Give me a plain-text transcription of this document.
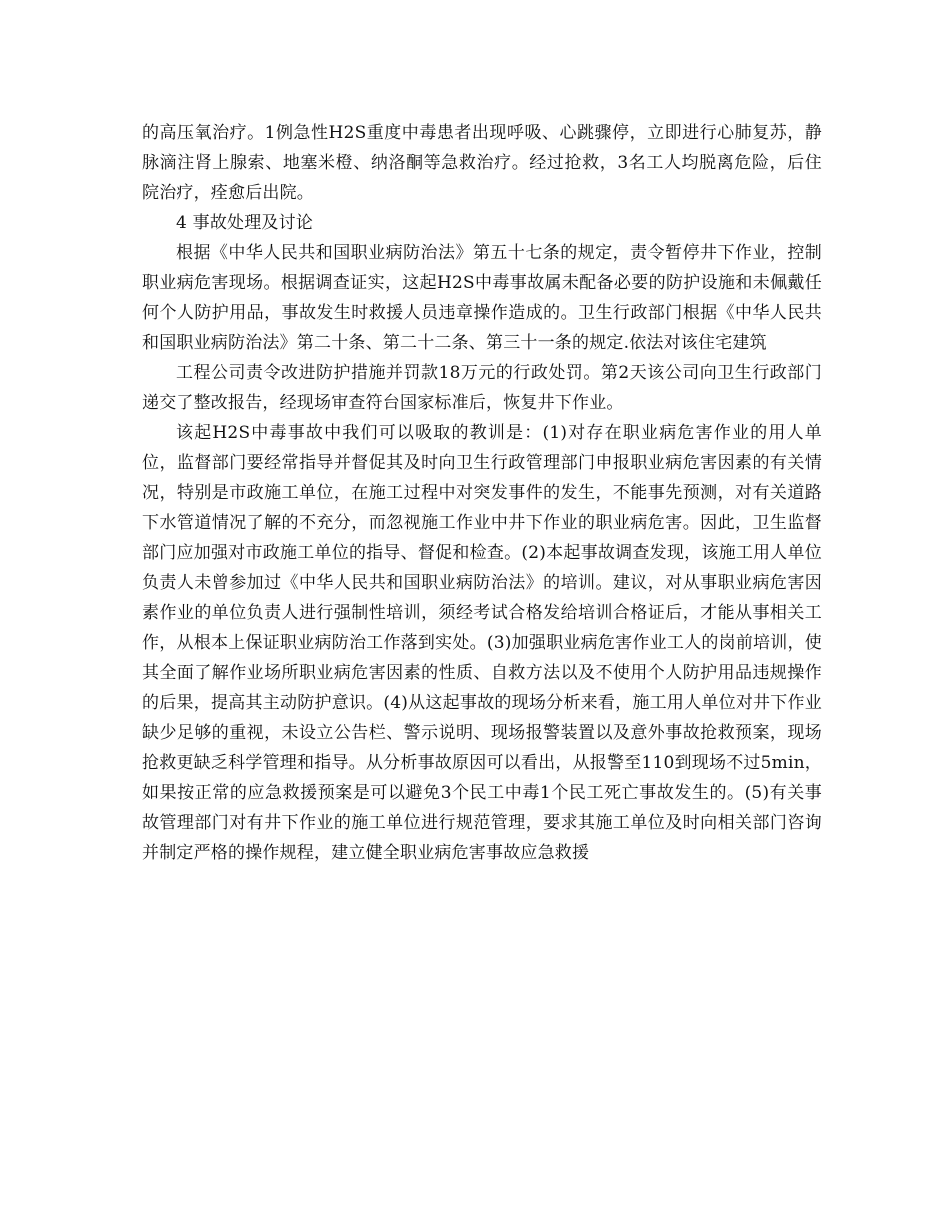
的高压氧治疗。1例急性H2S重度中毒患者出现呼吸、心跳骤停，立即进行心肺复苏，静脉滴注肾上腺索、地塞米橙、纳洛酮等急救治疗。经过抢救，3名工人均脱离危险，后住院治疗，痊愈后出院。

4 事故处理及讨论

根据《中华人民共和国职业病防治法》第五十七条的规定，责令暂停井下作业，控制职业病危害现场。根据调查证实，这起H2S中毒事故属未配备必要的防护设施和未佩戴任何个人防护用品，事故发生时救援人员违章操作造成的。卫生行政部门根据《中华人民共和国职业病防治法》第二十条、第二十二条、第三十一条的规定.依法对该住宅建筑

工程公司责令改进防护措施并罚款18万元的行政处罚。第2天该公司向卫生行政部门递交了整改报告，经现场审查符台国家标准后，恢复井下作业。

该起H2S中毒事故中我们可以吸取的教训是：(1)对存在职业病危害作业的用人单位，监督部门要经常指导并督促其及时向卫生行政管理部门申报职业病危害因素的有关情况，特别是市政施工单位，在施工过程中对突发事件的发生，不能事先预测，对有关道路下水管道情况了解的不充分，而忽视施工作业中井下作业的职业病危害。因此，卫生监督部门应加强对市政施工单位的指导、督促和检查。(2)本起事故调查发现，该施工用人单位负责人未曾参加过《中华人民共和国职业病防治法》的培训。建议，对从事职业病危害因素作业的单位负责人进行强制性培训，须经考试合格发给培训合格证后，才能从事相关工作，从根本上保证职业病防治工作落到实处。(3)加强职业病危害作业工人的岗前培训，使其全面了解作业场所职业病危害因素的性质、自救方法以及不使用个人防护用品违规操作的后果，提高其主动防护意识。(4)从这起事故的现场分析来看，施工用人单位对井下作业缺少足够的重视，未设立公告栏、警示说明、现场报警装置以及意外事故抢救预案，现场抢救更缺乏科学管理和指导。从分析事故原因可以看出，从报警至110到现场不过5min，如果按正常的应急救援预案是可以避免3个民工中毒1个民工死亡事故发生的。(5)有关事故管理部门对有井下作业的施工单位进行规范管理，要求其施工单位及时向相关部门咨询并制定严格的操作规程，建立健全职业病危害事故应急救援
